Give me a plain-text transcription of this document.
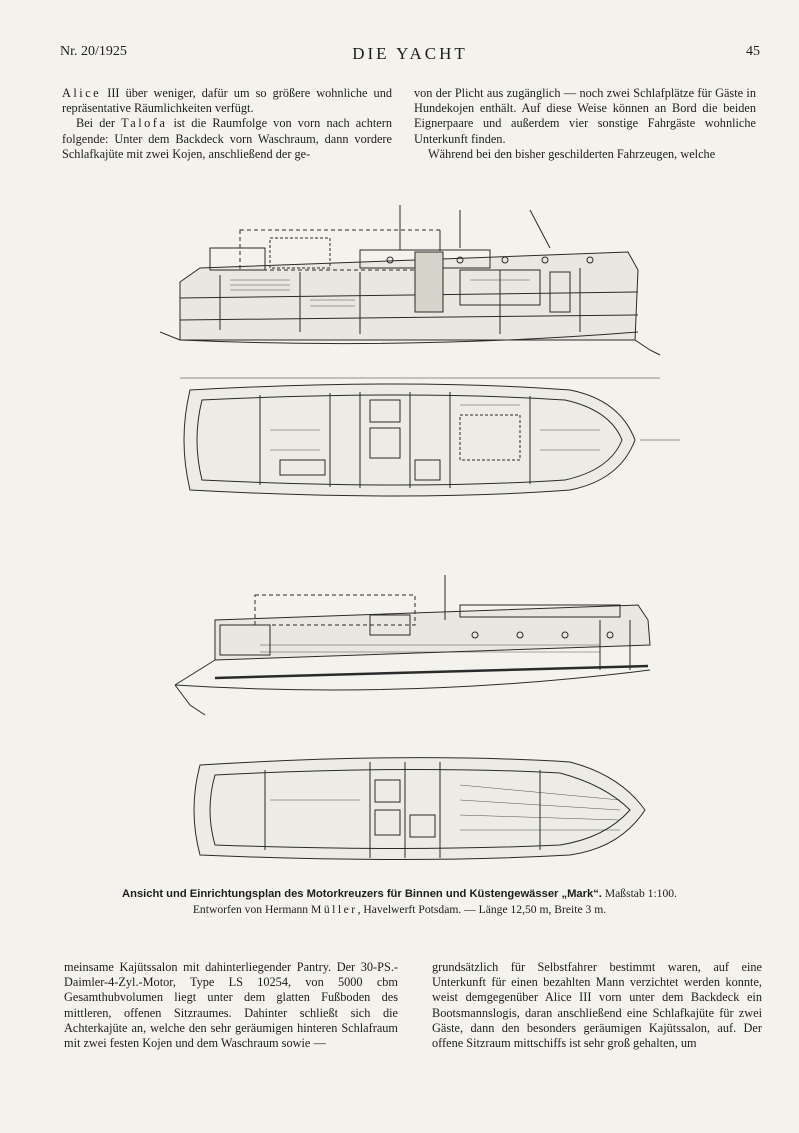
Nr. 20/1925	DIE YACHT	45

Alice III über weniger, dafür um so größere wohnliche und repräsentative Räumlichkeiten verfügt.

Bei der Talofa ist die Raumfolge von vorn nach achtern folgende: Unter dem Backdeck vorn Waschraum, dann vordere Schlafkajüte mit zwei Kojen, anschließend der ge-

von der Plicht aus zugänglich — noch zwei Schlafplätze für Gäste in Hundekojen enthält. Auf diese Weise können an Bord die beiden Eignerpaare und außerdem vier sonstige Fahrgäste wohnliche Unterkunft finden.

Während bei den bisher geschilderten Fahrzeugen, welche

Ansicht und Einrichtungsplan des Motorkreuzers für Binnen und Küstengewässer „Mark“. Maßstab 1:100.
Entworfen von Hermann Müller, Havelwerft Potsdam. — Länge 12,50 m, Breite 3 m.

meinsame Kajütssalon mit dahinterliegender Pantry. Der 30-PS.-Daimler-4-Zyl.-Motor, Type LS 10254, von 5000 cbm Gesamthubvolumen liegt unter dem glatten Fußboden des mittleren, offenen Sitzraumes. Dahinter schließt sich die Achterkajüte an, welche den sehr geräumigen hinteren Schlafraum mit zwei festen Kojen und dem Waschraum sowie —

grundsätzlich für Selbstfahrer bestimmt waren, auf eine Unterkunft für einen bezahlten Mann verzichtet werden konnte, weist demgegenüber Alice III vorn unter dem Backdeck ein Bootsmannslogis, daran anschließend eine Schlafkajüte für zwei Gäste, dann den besonders geräumigen Kajütssalon, auf. Der offene Sitzraum mittschiffs ist sehr groß gehalten, um
